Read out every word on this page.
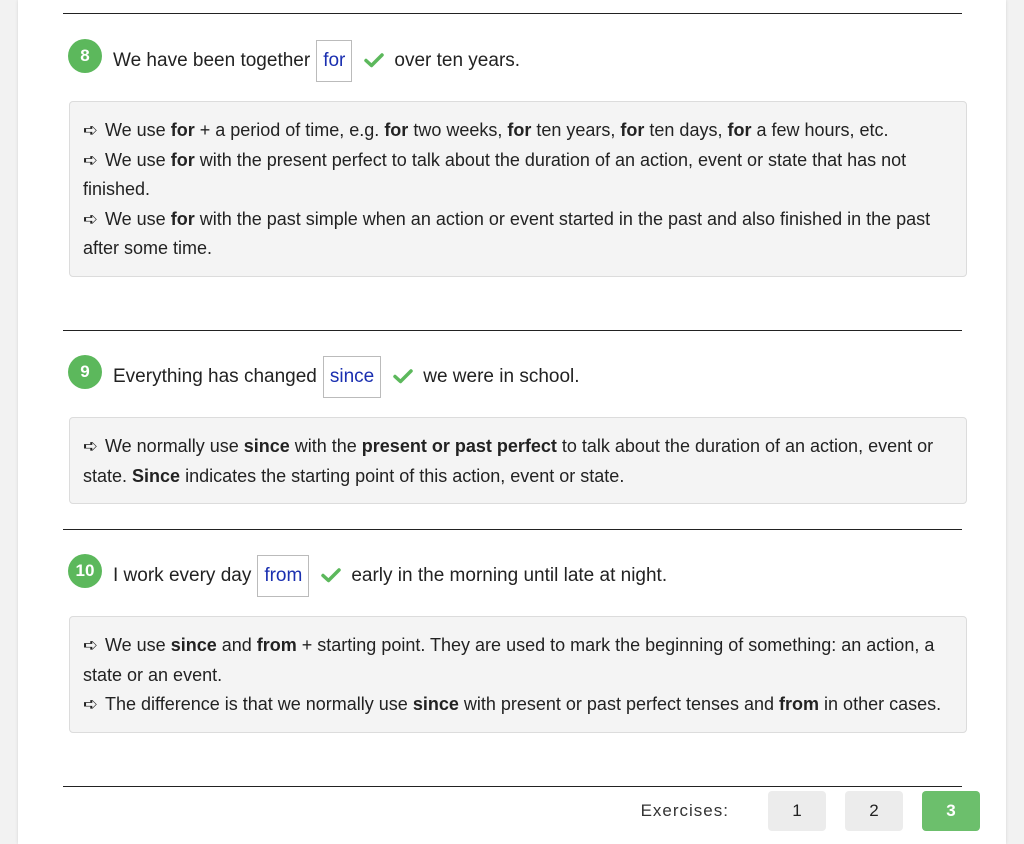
8	We have been together for	over ten years.

➪We use for + a period of time, e.g. for two weeks, for ten years, for ten days, for a few hours, etc.

➪We use for with the present perfect to talk about the duration of an action, event or state that has not finished.

➪We use for with the past simple when an action or event started in the past and also finished in the past after some time.

9	Everything has changed since	we were in school.

➪We normally use since with the present or past perfect to talk about the duration of an action, event or state. Since indicates the starting point of this action, event or state.

10 I work every day from	early in the morning until late at night.

➪We use since and from + starting point. They are used to mark the beginning of something: an action, a state or an event.

➪The difference is that we normally use since with present or past perfect tenses and from in other cases.

Exercises:	1	2	3
